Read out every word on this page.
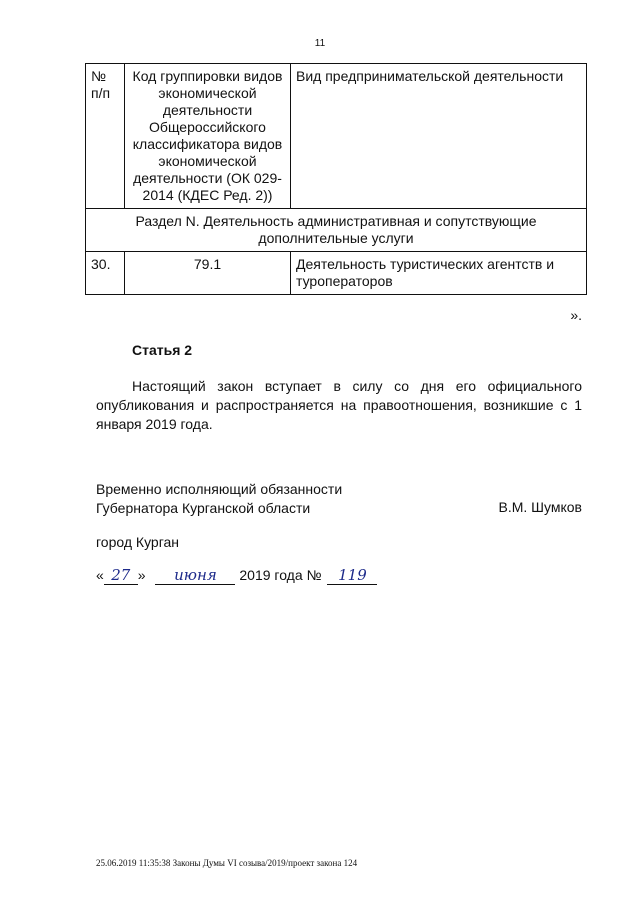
11
№ п/п	Код группировки видов экономической деятельности Общероссийского классификатора видов экономической деятельности (ОК 029-2014 (КДЕС Ред. 2))	Вид предпринимательской деятельности
Раздел N. Деятельность административная и сопутствующие дополнительные услуги		
30.	79.1	Деятельность туристических агентств и туроператоров
».
Статья 2

Настоящий закон вступает в силу со дня его официального опубликования и распространяется на правоотношения, возникшие с 1 января 2019 года.

Временно исполняющий обязанности
Губернатора Курганской области	В.М. Шумков
город Курган
« 27 » июня 2019 года № 119
25.06.2019 11:35:38 Законы Думы VI созыва/2019/проект закона 124
